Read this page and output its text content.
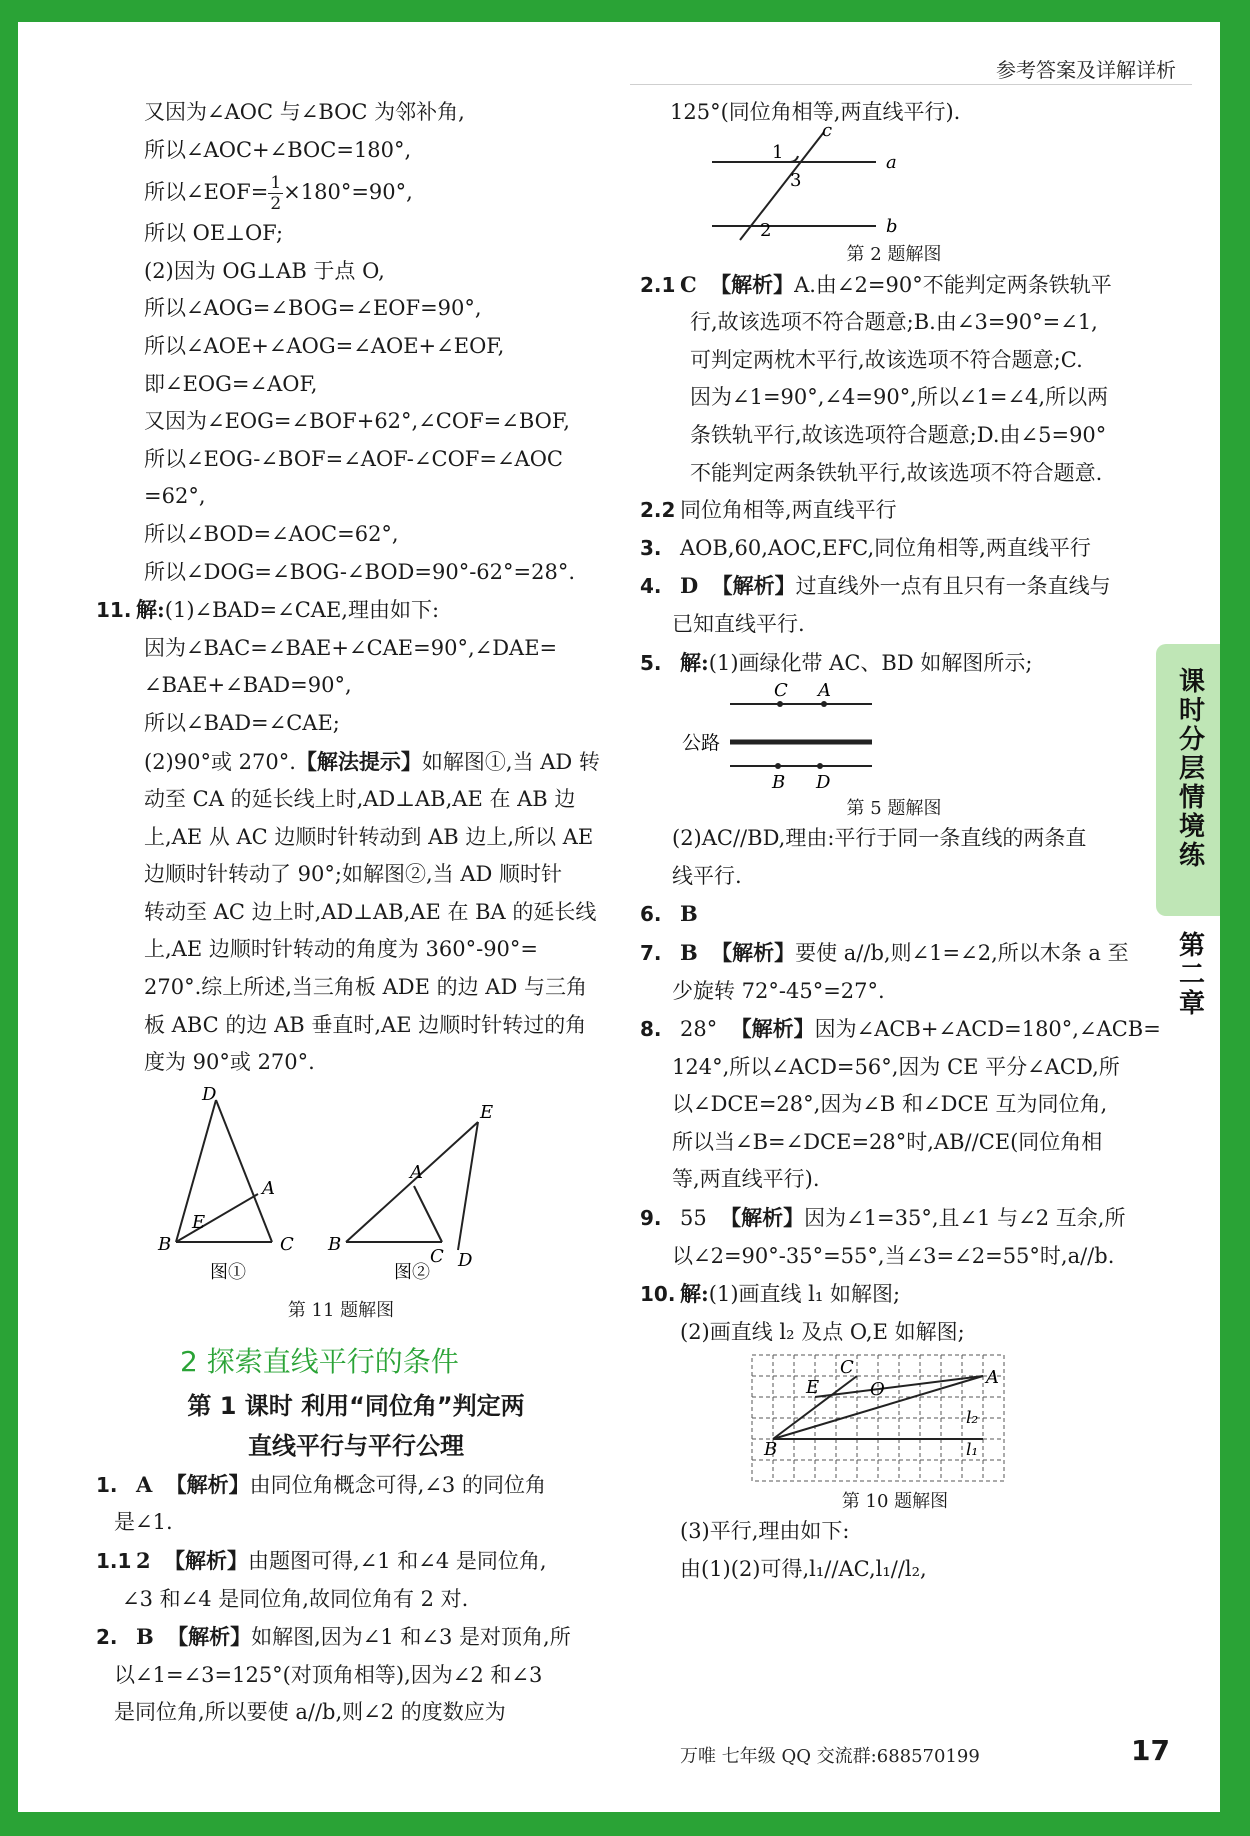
参考答案及详解详析
又因为∠AOC 与∠BOC 为邻补角,
所以∠AOC+∠BOC=180°,
所以∠EOF= $\frac{1}{2} \times 180^\circ=90^\circ$,
所以 OE⊥OF;
(2)因为 OG⊥AB 于点 O,
所以∠AOG=∠BOG=∠EOF=90°,
所以∠AOE+∠AOG=∠AOE+∠EOF,
即∠EOG=∠AOF,
又因为∠EOG=∠BOF+62°,∠COF=∠BOF,
所以∠EOG-∠BOF=∠AOF-∠COF=∠AOC
=62°,
所以∠BOD=∠AOC=62°,
所以∠DOG=∠BOG-∠BOD=90°-62°=28°.
11. 解:(1)∠BAD=∠CAE,理由如下:
因为∠BAC=∠BAE+∠CAE=90°,∠DAE=
∠BAE+∠BAD=90°,
所以∠BAD=∠CAE;
(2)90°或 270°.【解法提示】如解图①,当 AD 转
动至 CA 的延长线上时,AD⊥AB,AE 在 AB 边
上,AE 从 AC 边顺时针转动到 AB 边上,所以 AE
边顺时针转动了 90°;如解图②,当 AD 顺时针
转动至 AC 边上时,AD⊥AB,AE 在 BA 的延长线
上,AE 边顺时针转动的角度为 360°-90°=
270°.综上所述,当三角板 ADE 的边 AD 与三角
板 ABC 的边 AB 垂直时,AE 边顺时针转过的角
度为 90°或 270°.
D
A
E
B	C
图①
E
A
B
C D
图②
第 11 题解图
2 探索直线平行的条件
第 1 课时 利用“同位角”判定两
直线平行与平行公理
1. A 【解析】由同位角概念可得,∠3 的同位角
是∠1.
1.1 2 【解析】由题图可得,∠1 和∠4 是同位角,
∠3 和∠4 是同位角,故同位角有 2 对.
2. B 【解析】如解图,因为∠1 和∠3 是对顶角,所
以∠1=∠3=125°(对顶角相等),因为∠2 和∠3
是同位角,所以要使 a//b,则∠2 的度数应为
125°(同位角相等,两直线平行).
c
a
b
1
3
2
第 2 题解图
2.1 C 【解析】A.由∠2=90°不能判定两条铁轨平
行,故该选项不符合题意;B.由∠3=90°=∠1,
可判定两枕木平行,故该选项不符合题意;C.
因为∠1=90°,∠4=90°,所以∠1=∠4,所以两
条铁轨平行,故该选项符合题意;D.由∠5=90°
不能判定两条铁轨平行,故该选项不符合题意.
2.2 同位角相等,两直线平行
3. AOB,60,AOC,EFC,同位角相等,两直线平行
4. D 【解析】过直线外一点有且只有一条直线与
已知直线平行.
5. 解:(1)画绿化带 AC、BD 如解图所示;
C A
公路
B D
第 5 题解图
(2)AC//BD,理由:平行于同一条直线的两条直
线平行.
6. B
7. B 【解析】要使 a//b,则∠1=∠2,所以木条 a 至
少旋转 72°-45°=27°.
8. 28° 【解析】因为∠ACB+∠ACD=180°,∠ACB=
124°,所以∠ACD=56°,因为 CE 平分∠ACD,所
以∠DCE=28°,因为∠B 和∠DCE 互为同位角,
所以当∠B=∠DCE=28°时,AB//CE(同位角相
等,两直线平行).
9. 55 【解析】因为∠1=35°,且∠1 与∠2 互余,所
以∠2=90°-35°=55°,当∠3=∠2=55°时,a//b.
10. 解:(1)画直线 l₁ 如解图;
(2)画直线 l₂ 及点 O,E 如解图;
C	A
E	O
B
l₂
l₁
第 10 题解图
(3)平行,理由如下:
由(1)(2)可得,l₁//AC,l₁//l₂,
课时分层情境练
第二章
万唯 七年级 QQ 交流群:688570199	17
